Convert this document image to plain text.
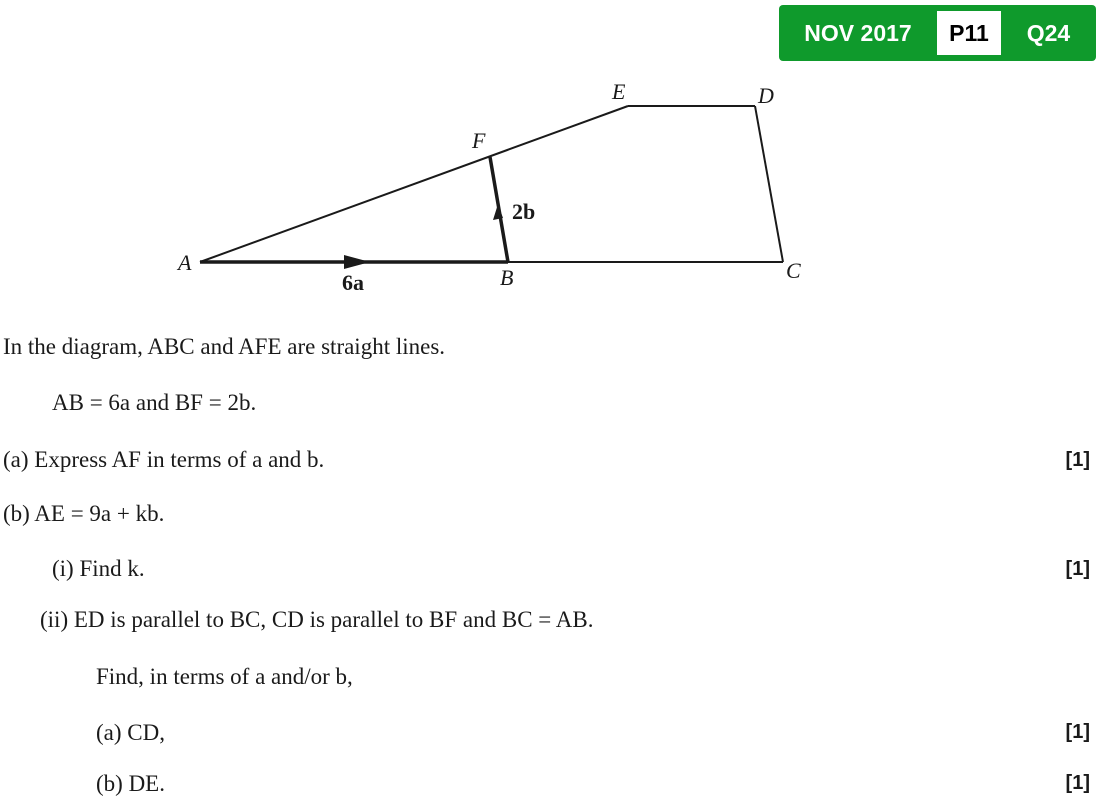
NOV 2017	P11	Q24
A
B	C
D
E
F
6a
2b
In the diagram, ABC and AFE are straight lines.
AB = 6a and BF = 2b.
(a) Express AF in terms of a and b.	[1]
(b) AE = 9a + kb.
(i) Find k.	[1]
(ii) ED is parallel to BC, CD is parallel to BF and BC = AB.
Find, in terms of a and/or b,
(a) CD,	[1]
(b) DE.	[1]
